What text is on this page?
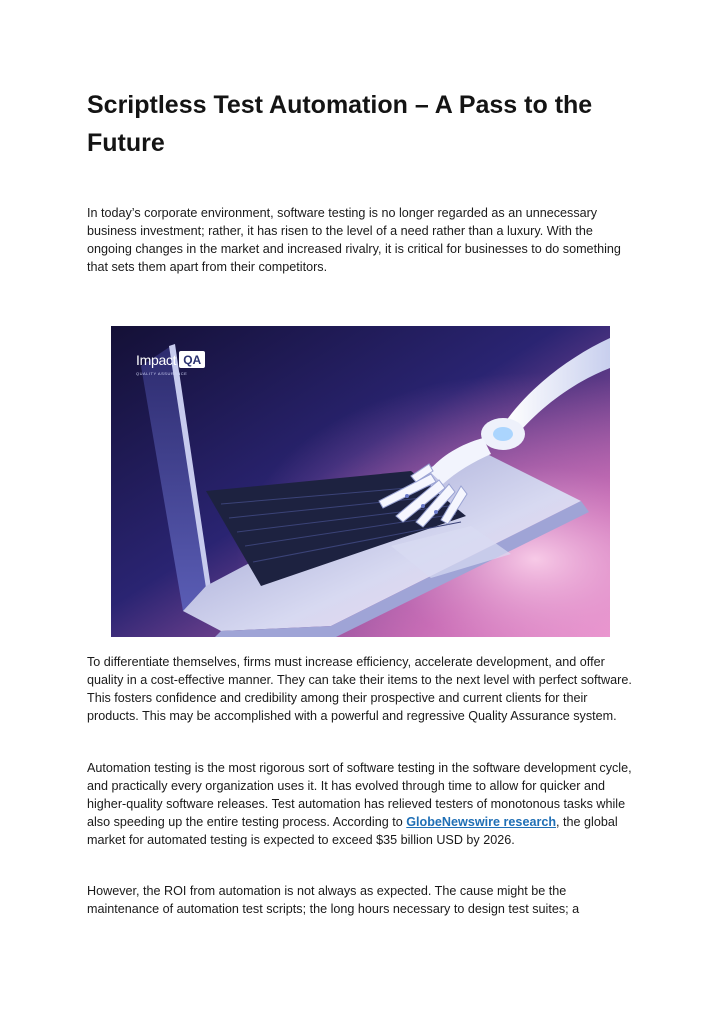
Scriptless Test Automation – A Pass to the Future

In today’s corporate environment, software testing is no longer regarded as an unnecessary business investment; rather, it has risen to the level of a need rather than a luxury. With the ongoing changes in the market and increased rivalry, it is critical for businesses to do something that sets them apart from their competitors.

Impact QA
QUALITY ASSURANCE

To differentiate themselves, firms must increase efficiency, accelerate development, and offer quality in a cost-effective manner. They can take their items to the next level with perfect software. This fosters confidence and credibility among their prospective and current clients for their products. This may be accomplished with a powerful and regressive Quality Assurance system.

Automation testing is the most rigorous sort of software testing in the software development cycle, and practically every organization uses it. It has evolved through time to allow for quicker and higher-quality software releases. Test automation has relieved testers of monotonous tasks while also speeding up the entire testing process. According to GlobeNewswire research, the global market for automated testing is expected to exceed $35 billion USD by 2026.

However, the ROI from automation is not always as expected. The cause might be the maintenance of automation test scripts; the long hours necessary to design test suites; a
